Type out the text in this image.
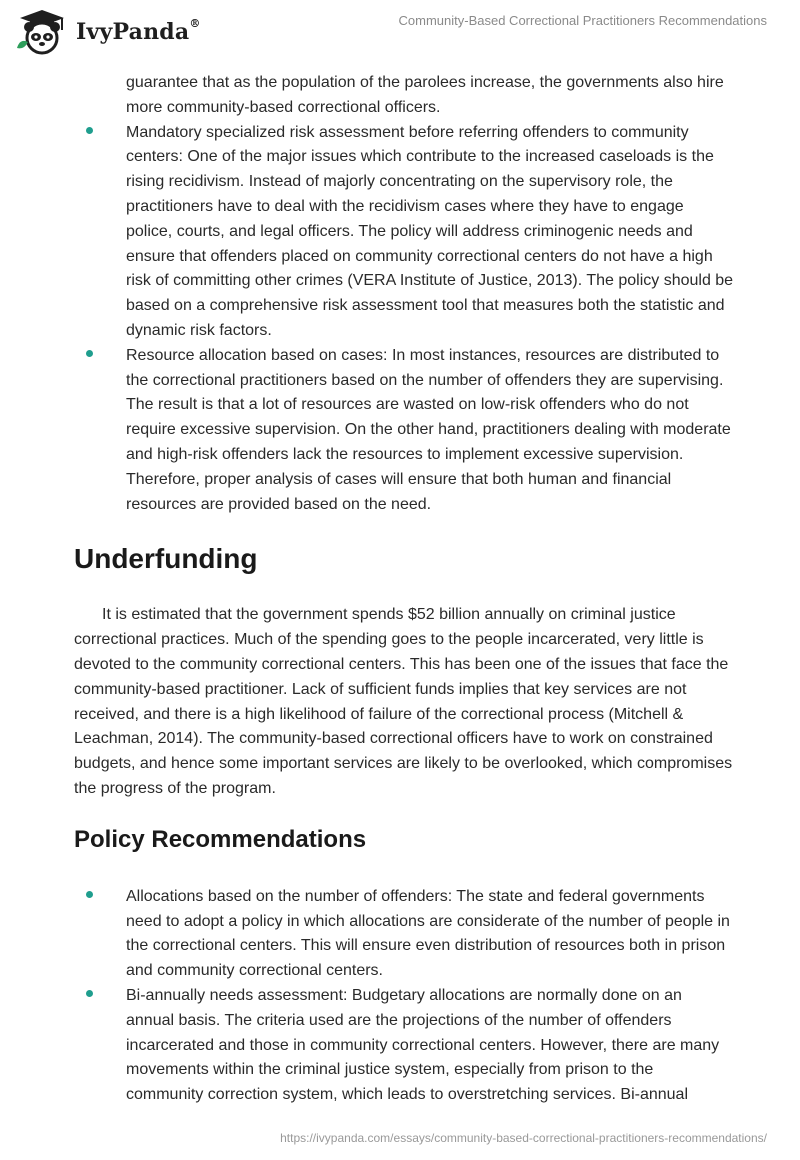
IvyPanda®	Community-Based Correctional Practitioners Recommendations
guarantee that as the population of the parolees increase, the governments also hire more community-based correctional officers.
Mandatory specialized risk assessment before referring offenders to community centers: One of the major issues which contribute to the increased caseloads is the rising recidivism. Instead of majorly concentrating on the supervisory role, the practitioners have to deal with the recidivism cases where they have to engage police, courts, and legal officers. The policy will address criminogenic needs and ensure that offenders placed on community correctional centers do not have a high risk of committing other crimes (VERA Institute of Justice, 2013). The policy should be based on a comprehensive risk assessment tool that measures both the statistic and dynamic risk factors.
Resource allocation based on cases: In most instances, resources are distributed to the correctional practitioners based on the number of offenders they are supervising. The result is that a lot of resources are wasted on low-risk offenders who do not require excessive supervision. On the other hand, practitioners dealing with moderate and high-risk offenders lack the resources to implement excessive supervision. Therefore, proper analysis of cases will ensure that both human and financial resources are provided based on the need.
Underfunding

It is estimated that the government spends $52 billion annually on criminal justice correctional practices. Much of the spending goes to the people incarcerated, very little is devoted to the community correctional centers. This has been one of the issues that face the community-based practitioner. Lack of sufficient funds implies that key services are not received, and there is a high likelihood of failure of the correctional process (Mitchell & Leachman, 2014). The community-based correctional officers have to work on constrained budgets, and hence some important services are likely to be overlooked, which compromises the progress of the program.

Policy Recommendations
Allocations based on the number of offenders: The state and federal governments need to adopt a policy in which allocations are considerate of the number of people in the correctional centers. This will ensure even distribution of resources both in prison and community correctional centers.
Bi-annually needs assessment: Budgetary allocations are normally done on an annual basis. The criteria used are the projections of the number of offenders incarcerated and those in community correctional centers. However, there are many movements within the criminal justice system, especially from prison to the community correction system, which leads to overstretching services. Bi-annual
https://ivypanda.com/essays/community-based-correctional-practitioners-recommendations/
